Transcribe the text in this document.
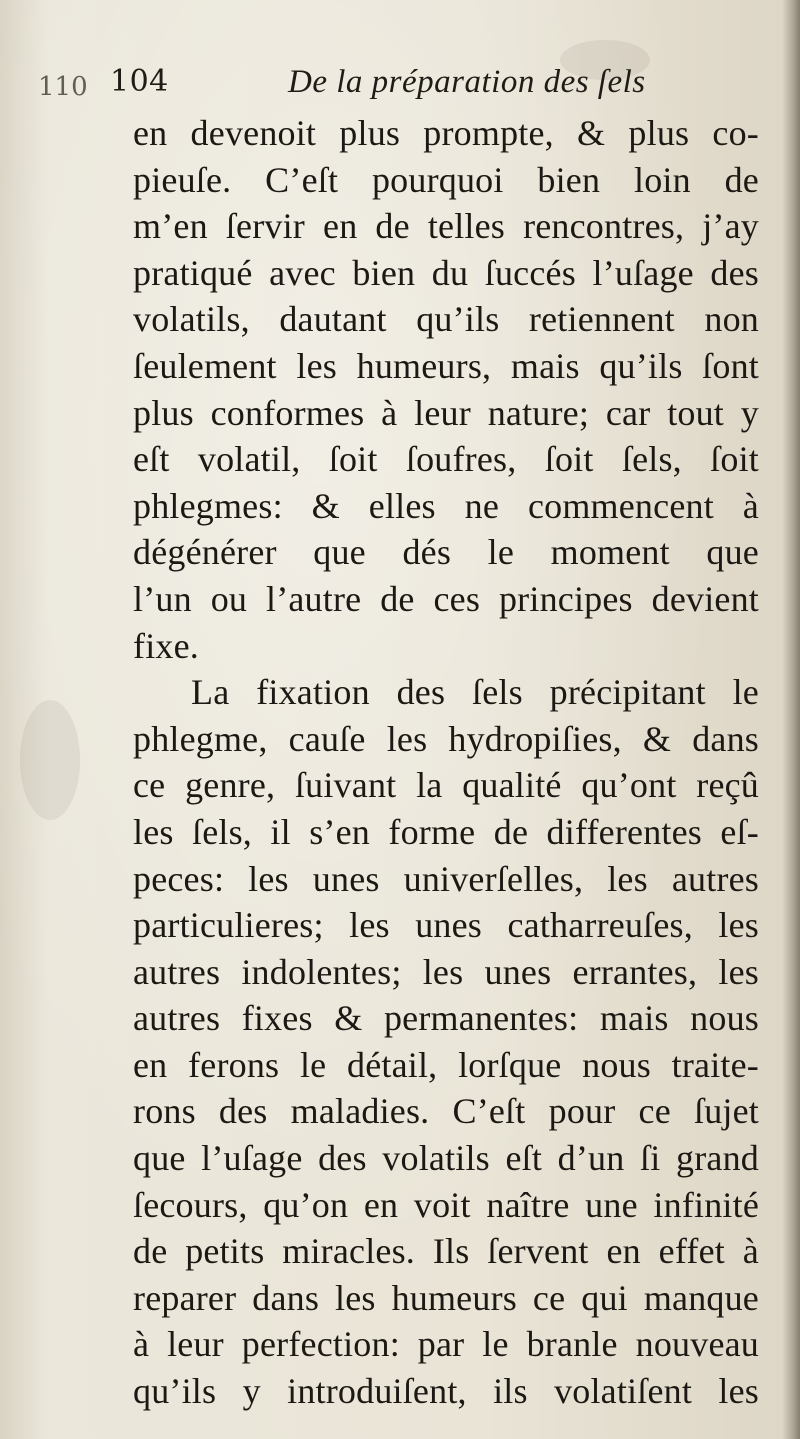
110 104	De la préparation des ſels
en devenoit plus prompte, & plus co-
pieuſe. C’eſt pourquoi bien loin de
m’en ſervir en de telles rencontres, j’ay
pratiqué avec bien du ſuccés l’uſage des
volatils, dautant qu’ils retiennent non
ſeulement les humeurs, mais qu’ils ſont
plus conformes à leur nature; car tout y
eſt volatil, ſoit ſoufres, ſoit ſels, ſoit
phlegmes: & elles ne commencent à
dégénérer que dés le moment que
l’un ou l’autre de ces principes devient
fixe.
La fixation des ſels précipitant le
phlegme, cauſe les hydropiſies, & dans
ce genre, ſuivant la qualité qu’ont reçû
les ſels, il s’en forme de differentes eſ-
peces: les unes univerſelles, les autres
particulieres; les unes catharreuſes, les
autres indolentes; les unes errantes, les
autres fixes & permanentes: mais nous
en ferons le détail, lorſque nous traite-
rons des maladies. C’eſt pour ce ſujet
que l’uſage des volatils eſt d’un ſi grand
ſecours, qu’on en voit naître une infinité
de petits miracles. Ils ſervent en effet à
reparer dans les humeurs ce qui manque
à leur perfection: par le branle nouveau
qu’ils y introduiſent, ils volatiſent les
